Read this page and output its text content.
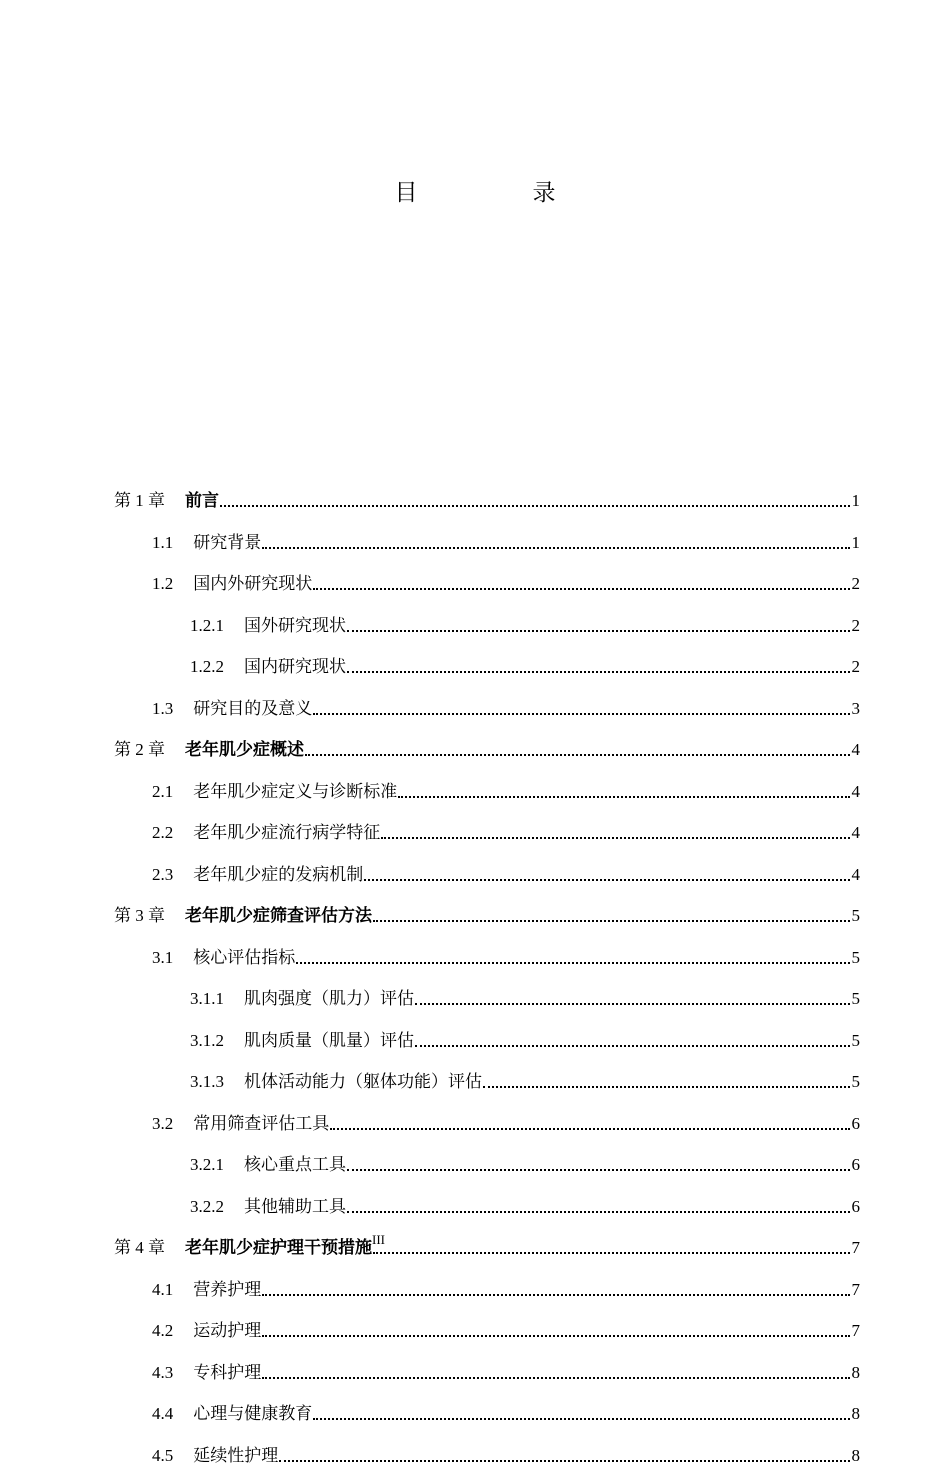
目　录
第 1 章 前言	1
1.1 研究背景	1
1.2 国内外研究现状	2
1.2.1 国外研究现状	2
1.2.2 国内研究现状	2
1.3 研究目的及意义	3
第 2 章 老年肌少症概述	4
2.1 老年肌少症定义与诊断标准	4
2.2 老年肌少症流行病学特征	4
2.3 老年肌少症的发病机制	4
第 3 章 老年肌少症筛查评估方法	5
3.1 核心评估指标	5
3.1.1 肌肉强度（肌力）评估	5
3.1.2 肌肉质量（肌量）评估	5
3.1.3 机体活动能力（躯体功能）评估	5
3.2 常用筛查评估工具	6
3.2.1 核心重点工具	6
3.2.2 其他辅助工具	6
第 4 章 老年肌少症护理干预措施	7
4.1 营养护理	7
4.2 运动护理	7
4.3 专科护理	8
4.4 心理与健康教育	8
4.5 延续性护理	8
III
